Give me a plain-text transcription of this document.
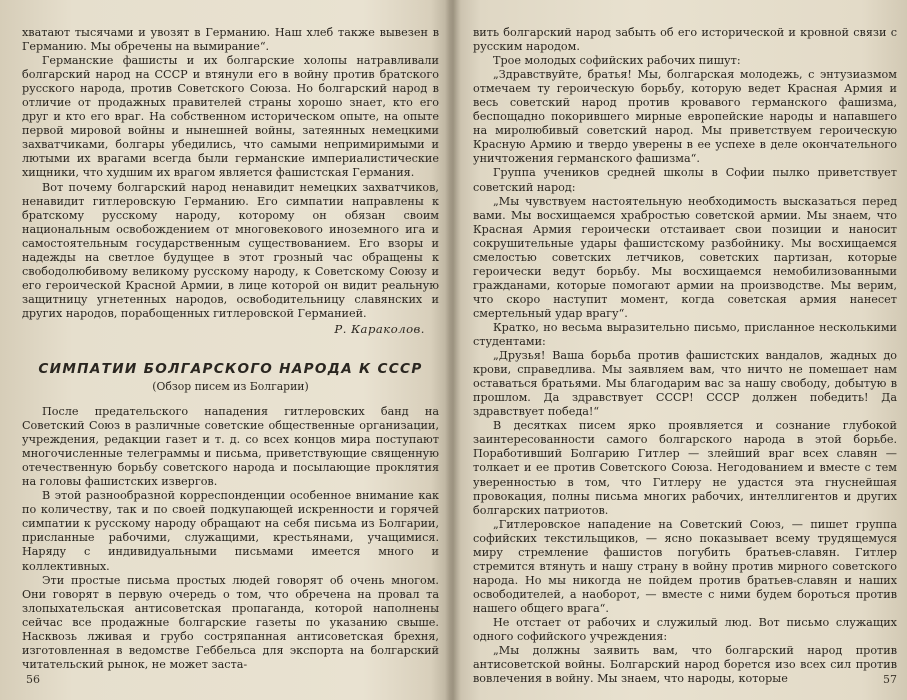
хватают тысячами и увозят в Германию. Наш хлеб также вывезен в Германию. Мы обречены на вымирание“.

Германские фашисты и их болгарские холопы натравливали болгарский народ на СССР и втянули его в войну против братского русского народа, против Советского Союза. Но болгарский народ в отличие от продажных правителей страны хорошо знает, кто его друг и кто его враг. На собственном историческом опыте, на опыте первой мировой войны и нынешней войны, затеянных немецкими захватчиками, болгары убедились, что самыми непримиримыми и лютыми их врагами всегда были германские империалистические хищники, что худшим их врагом является фашистская Германия.

Вот почему болгарский народ ненавидит немецких захватчиков, ненавидит гитлеровскую Германию. Его симпатии направлены к братскому русскому народу, которому он обязан своим национальным освобождением от многовекового иноземного ига и самостоятельным государственным существованием. Его взоры и надежды на светлое будущее в этот грозный час обращены к свободолюбивому великому русскому народу, к Советскому Союзу и его героической Красной Армии, в лице которой он видит реальную защитницу угнетенных народов, освободительницу славянских и других народов, порабощенных гитлеровской Германией.

Р. Караколов.
СИМПАТИИ БОЛГАРСКОГО НАРОДА К СССР
(Обзор писем из Болгарии)

После предательского нападения гитлеровских банд на Советский Союз в различные советские общественные организации, учреждения, редакции газет и т. д. со всех концов мира поступают многочисленные телеграммы и письма, приветствующие священную отечественную борьбу советского народа и посылающие проклятия на головы фашистских извергов.

В этой разнообразной корреспонденции особенное внимание как по количеству, так и по своей подкупающей искренности и горячей симпатии к русскому народу обращают на себя письма из Болгарии, присланные рабочими, служащими, крестьянами, учащимися. Наряду с индивидуальными письмами имеется много и коллективных.

Эти простые письма простых людей говорят об очень многом. Они говорят в первую очередь о том, что обречена на провал та злопыхательская антисоветская пропаганда, которой наполнены сейчас все продажные болгарские газеты по указанию свыше. Насквозь лживая и грубо состряпанная антисоветская брехня, изготовленная в ведомстве Геббельса для экспорта на болгарский читательский рынок, не может заста-

56

вить болгарский народ забыть об его исторической и кровной связи с русским народом.

Трое молодых софийских рабочих пишут:

„Здравствуйте, братья! Мы, болгарская молодежь, с энтузиазмом отмечаем ту героическую борьбу, которую ведет Красная Армия и весь советский народ против кровавого германского фашизма, беспощадно покорившего мирные европейские народы и напавшего на миролюбивый советский народ. Мы приветствуем героическую Красную Армию и твердо уверены в ее успехе в деле окончательного уничтожения германского фашизма“.

Группа учеников средней школы в Софии пылко приветствует советский народ:

„Мы чувствуем настоятельную необходимость высказаться перед вами. Мы восхищаемся храбростью советской армии. Мы знаем, что Красная Армия героически отстаивает свои позиции и наносит сокрушительные удары фашистскому разбойнику. Мы восхищаемся смелостью советских летчиков, советских партизан, которые героически ведут борьбу. Мы восхищаемся немобилизованными гражданами, которые помогают армии на производстве. Мы верим, что скоро наступит момент, когда советская армия нанесет смертельный удар врагу“.

Кратко, но весьма выразительно письмо, присланное несколькими студентами:

„Друзья! Ваша борьба против фашистских вандалов, жадных до крови, справедлива. Мы заявляем вам, что ничто не помешает нам оставаться братьями. Мы благодарим вас за нашу свободу, добытую в прошлом. Да здравствует СССР! СССР должен победить! Да здравствует победа!“

В десятках писем ярко проявляется и сознание глубокой заинтересованности самого болгарского народа в этой борьбе. Поработивший Болгарию Гитлер — злейший враг всех славян — толкает и ее против Советского Союза. Негодованием и вместе с тем уверенностью в том, что Гитлеру не удастся эта гнуснейшая провокация, полны письма многих рабочих, интеллигентов и других болгарских патриотов.

„Гитлеровское нападение на Советский Союз, — пишет группа софийских текстильщиков, — ясно показывает всему трудящемуся миру стремление фашистов погубить братьев-славян. Гитлер стремится втянуть и нашу страну в войну против мирного советского народа. Но мы никогда не пойдем против братьев-славян и наших освободителей, а наоборот, — вместе с ними будем бороться против нашего общего врага“.

Не отстает от рабочих и служилый люд. Вот письмо служащих одного софийского учреждения:

„Мы должны заявить вам, что болгарский народ против антисоветской войны. Болгарский народ борется изо всех сил против вовлечения в войну. Мы знаем, что народы, которые	57
